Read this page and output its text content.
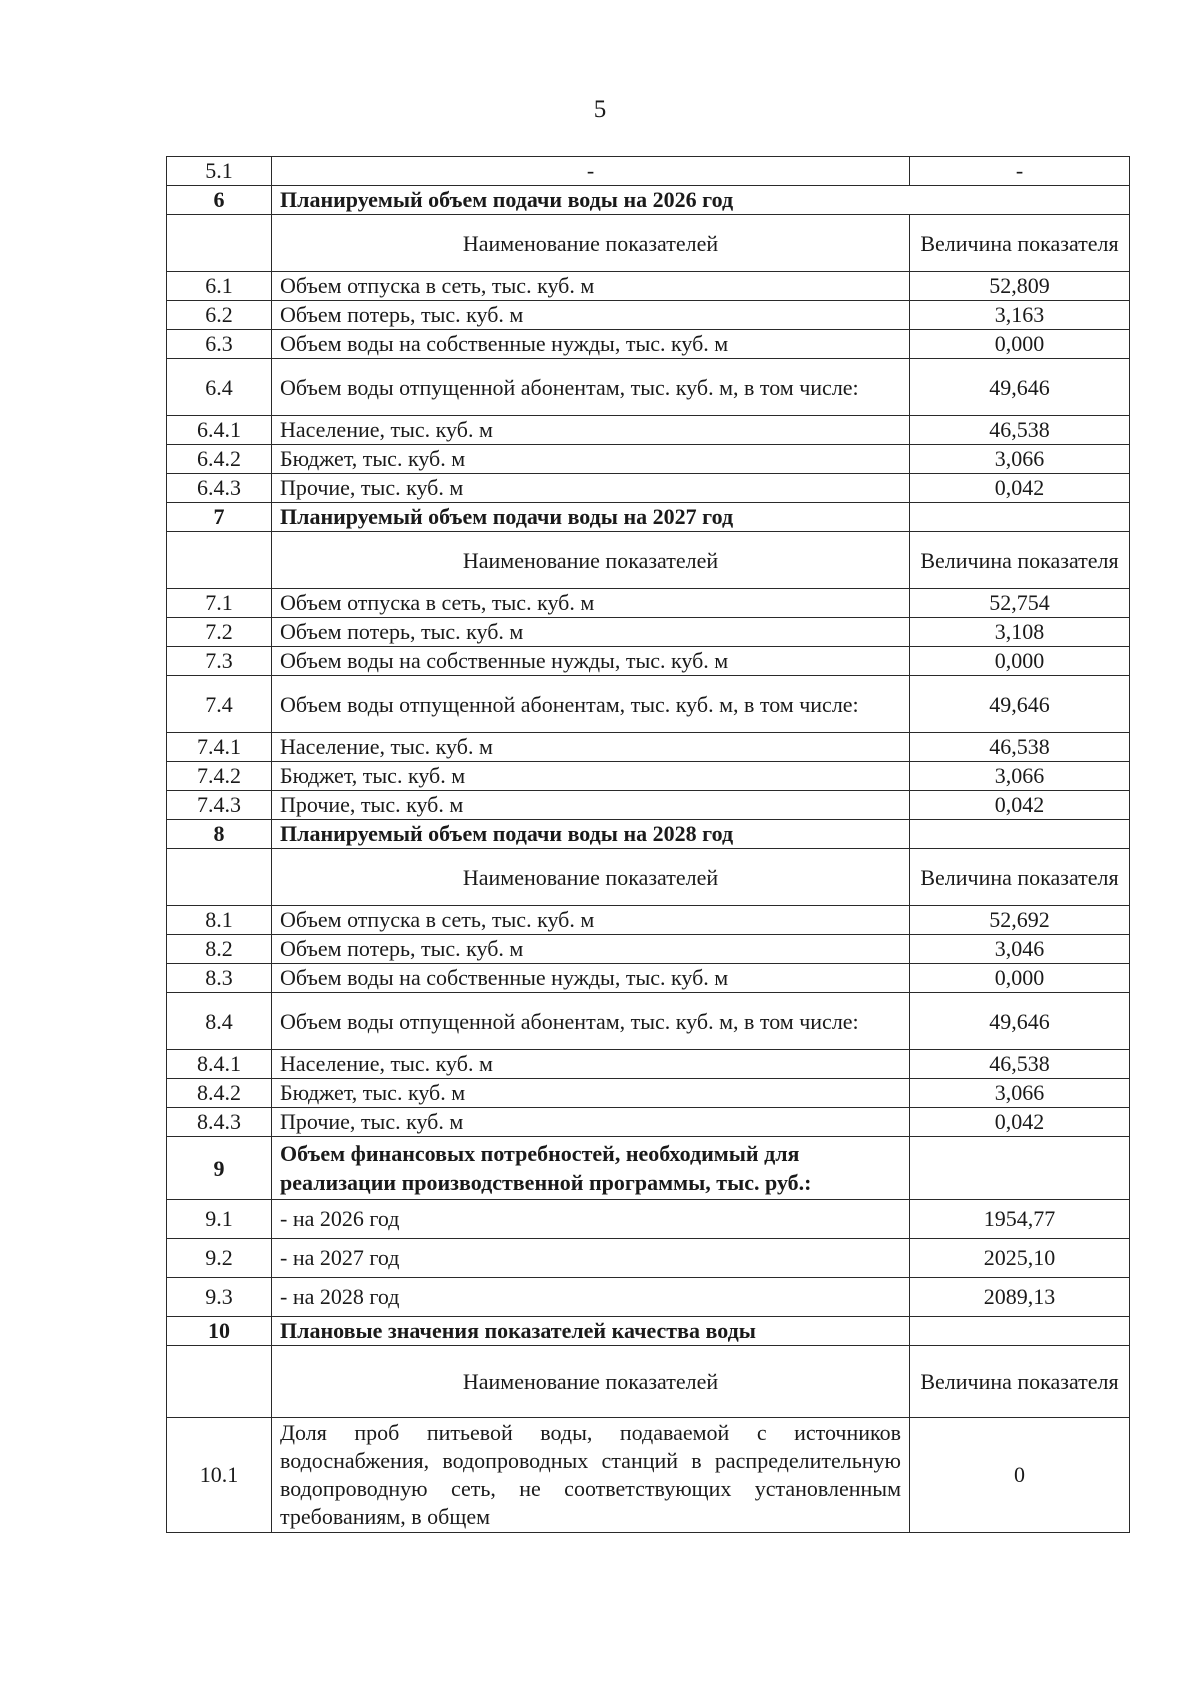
5
5.1	-	-
6	Планируемый объем подачи воды на 2026 год	
	Наименование показателей	Величина показателя
6.1	Объем отпуска в сеть, тыс. куб. м	52,809
6.2	Объем потерь, тыс. куб. м	3,163
6.3	Объем воды на собственные нужды, тыс. куб. м	0,000
6.4	Объем воды отпущенной абонентам, тыс. куб. м, в том числе:	49,646
6.4.1	Население, тыс. куб. м	46,538
6.4.2	Бюджет, тыс. куб. м	3,066
6.4.3	Прочие, тыс. куб. м	0,042
7	Планируемый объем подачи воды на 2027 год	
	Наименование показателей	Величина показателя
7.1	Объем отпуска в сеть, тыс. куб. м	52,754
7.2	Объем потерь, тыс. куб. м	3,108
7.3	Объем воды на собственные нужды, тыс. куб. м	0,000
7.4	Объем воды отпущенной абонентам, тыс. куб. м, в том числе:	49,646
7.4.1	Население, тыс. куб. м	46,538
7.4.2	Бюджет, тыс. куб. м	3,066
7.4.3	Прочие, тыс. куб. м	0,042
8	Планируемый объем подачи воды на 2028 год	
	Наименование показателей	Величина показателя
8.1	Объем отпуска в сеть, тыс. куб. м	52,692
8.2	Объем потерь, тыс. куб. м	3,046
8.3	Объем воды на собственные нужды, тыс. куб. м	0,000
8.4	Объем воды отпущенной абонентам, тыс. куб. м, в том числе:	49,646
8.4.1	Население, тыс. куб. м	46,538
8.4.2	Бюджет, тыс. куб. м	3,066
8.4.3	Прочие, тыс. куб. м	0,042
9	Объем финансовых потребностей, необходимый для реализации производственной программы, тыс. руб.:	
9.1	- на 2026 год	1954,77
9.2	- на 2027 год	2025,10
9.3	- на 2028 год	2089,13
10	Плановые значения показателей качества воды	
	Наименование показателей	Величина показателя
10.1	Доля проб питьевой воды, подаваемой с источников водоснабжения, водопроводных станций в распределительную водопроводную сеть, не соответствующих установленным требованиям, в общем	0
